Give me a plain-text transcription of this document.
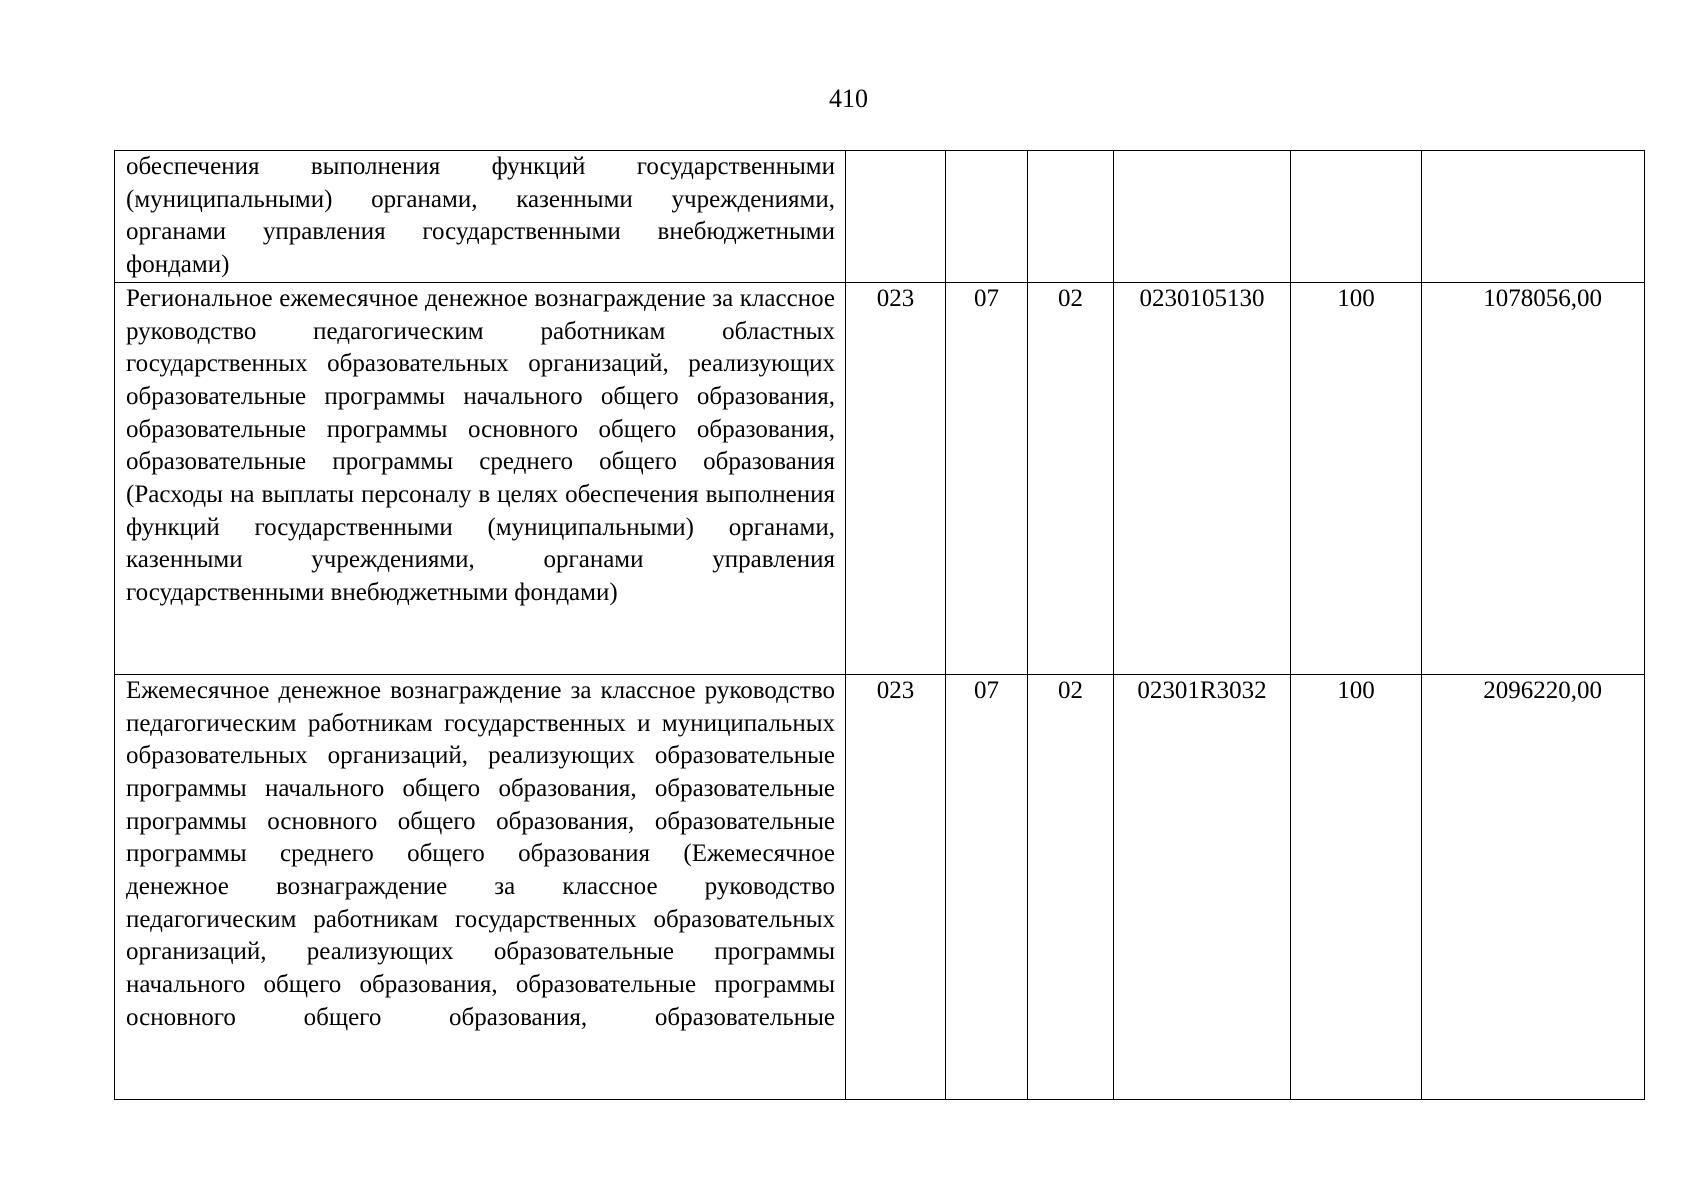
410
обеспечения выполнения функций государственными (муниципальными) органами, казенными учреждениями, органами управления государственными внебюджетными фондами)						

Региональное ежемесячное денежное вознаграждение за классное руководство педагогическим работникам областных государственных образовательных организаций, реализующих образовательные программы начального общего образования, образовательные программы основного общего образования, образовательные программы среднего общего образования (Расходы на выплаты персоналу в целях обеспечения выполнения функций государственными (муниципальными) органами, казенными учреждениями, органами управления государственными внебюджетными фондами)	023	07	02	0230105130	100	1078056,00

Ежемесячное денежное вознаграждение за классное руководство педагогическим работникам государственных и муниципальных образовательных организаций, реализующих образовательные программы начального общего образования, образовательные программы основного общего образования, образовательные программы среднего общего образования (Ежемесячное денежное вознаграждение за классное руководство педагогическим работникам государственных образовательных организаций, реализующих образовательные программы начального общего образования, образовательные программы основного общего образования, образовательные	023	07	02	02301R3032	100	2096220,00
